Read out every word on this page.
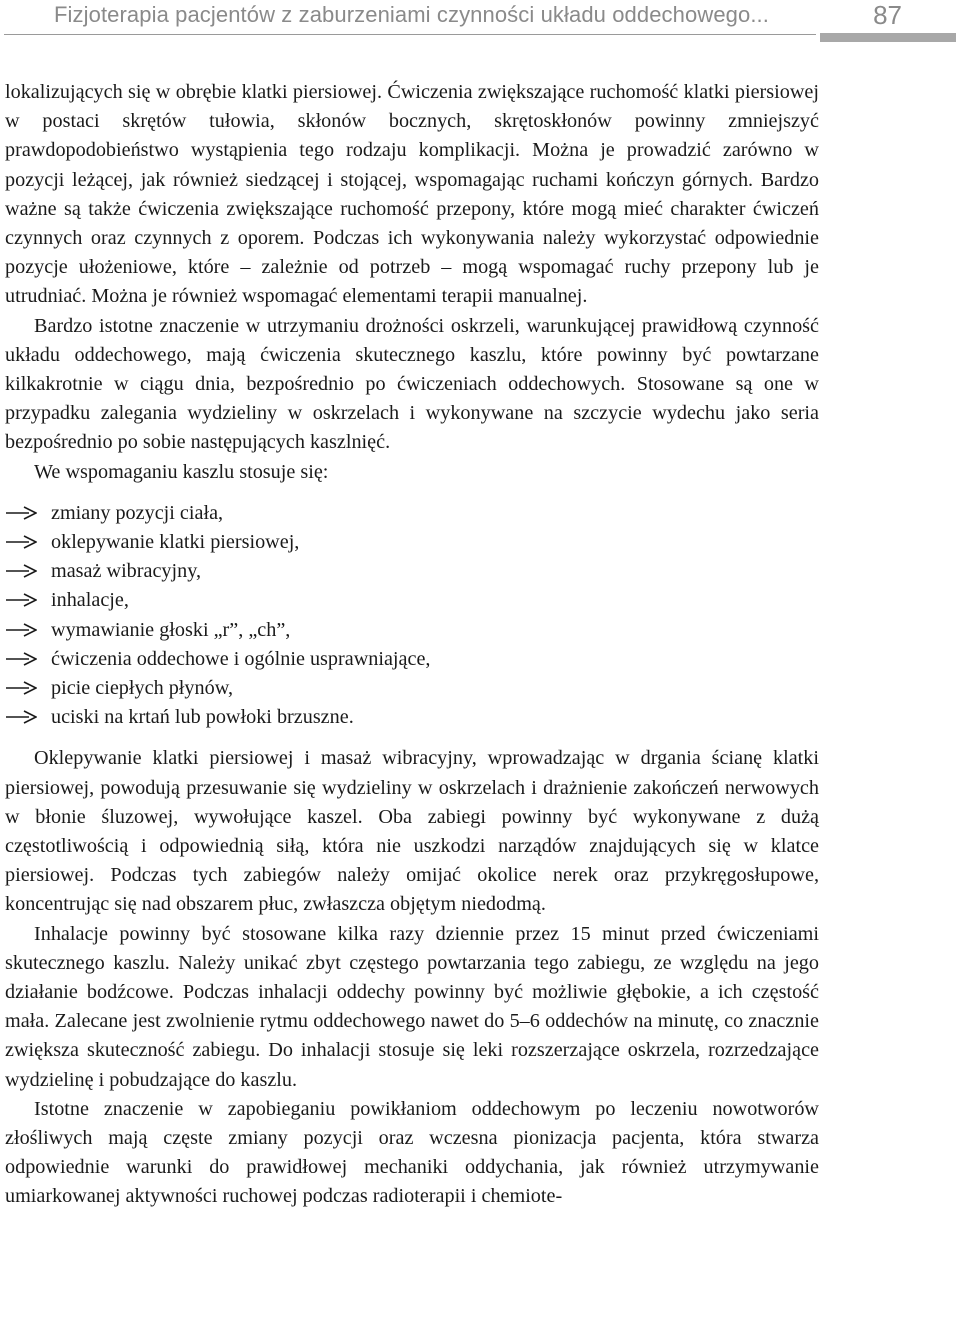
Fizjoterapia pacjentów z zaburzeniami czynności układu oddechowego...	87

lokalizujących się w obrębie klatki piersiowej. Ćwiczenia zwiększające ruchomość klatki piersiowej w postaci skrętów tułowia, skłonów bocznych, skrętoskłonów powinny zmniejszyć prawdopodobieństwo wystąpienia tego rodzaju komplikacji. Można je prowadzić zarówno w pozycji leżącej, jak również siedzącej i stojącej, wspomagając ruchami kończyn górnych. Bardzo ważne są także ćwiczenia zwiększające ruchomość przepony, które mogą mieć charakter ćwiczeń czynnych oraz czynnych z oporem. Podczas ich wykonywania należy wykorzystać odpowiednie pozycje ułożeniowe, które – zależnie od potrzeb – mogą wspomagać ruchy przepony lub je utrudniać. Można je również wspomagać elementami terapii manualnej.

Bardzo istotne znaczenie w utrzymaniu drożności oskrzeli, warunkującej prawidłową czynność układu oddechowego, mają ćwiczenia skutecznego kaszlu, które powinny być powtarzane kilkakrotnie w ciągu dnia, bezpośrednio po ćwiczeniach oddechowych. Stosowane są one w przypadku zalegania wydzieliny w oskrzelach i wykonywane na szczycie wydechu jako seria bezpośrednio po sobie następujących kaszlnięć.

We wspomaganiu kaszlu stosuje się:

zmiany pozycji ciała,
oklepywanie klatki piersiowej,
masaż wibracyjny,
inhalacje,
wymawianie głoski „r”, „ch”,
ćwiczenia oddechowe i ogólnie usprawniające,
picie ciepłych płynów,
uciski na krtań lub powłoki brzuszne.

Oklepywanie klatki piersiowej i masaż wibracyjny, wprowadzając w drgania ścianę klatki piersiowej, powodują przesuwanie się wydzieliny w oskrzelach i drażnienie zakończeń nerwowych w błonie śluzowej, wywołujące kaszel. Oba zabiegi powinny być wykonywane z dużą częstotliwością i odpowiednią siłą, która nie uszkodzi narządów znajdujących się w klatce piersiowej. Podczas tych zabiegów należy omijać okolice nerek oraz przykręgosłupowe, koncentrując się nad obszarem płuc, zwłaszcza objętym niedodmą.

Inhalacje powinny być stosowane kilka razy dziennie przez 15 minut przed ćwiczeniami skutecznego kaszlu. Należy unikać zbyt częstego powtarzania tego zabiegu, ze względu na jego działanie bodźcowe. Podczas inhalacji oddechy powinny być możliwie głębokie, a ich częstość mała. Zalecane jest zwolnienie rytmu oddechowego nawet do 5–6 oddechów na minutę, co znacznie zwiększa skuteczność zabiegu. Do inhalacji stosuje się leki rozszerzające oskrzela, rozrzedzające wydzielinę i pobudzające do kaszlu.

Istotne znaczenie w zapobieganiu powikłaniom oddechowym po leczeniu nowotworów złośliwych mają częste zmiany pozycji oraz wczesna pionizacja pacjenta, która stwarza odpowiednie warunki do prawidłowej mechaniki oddychania, jak również utrzymywanie umiarkowanej aktywności ruchowej podczas radioterapii i chemiote-
